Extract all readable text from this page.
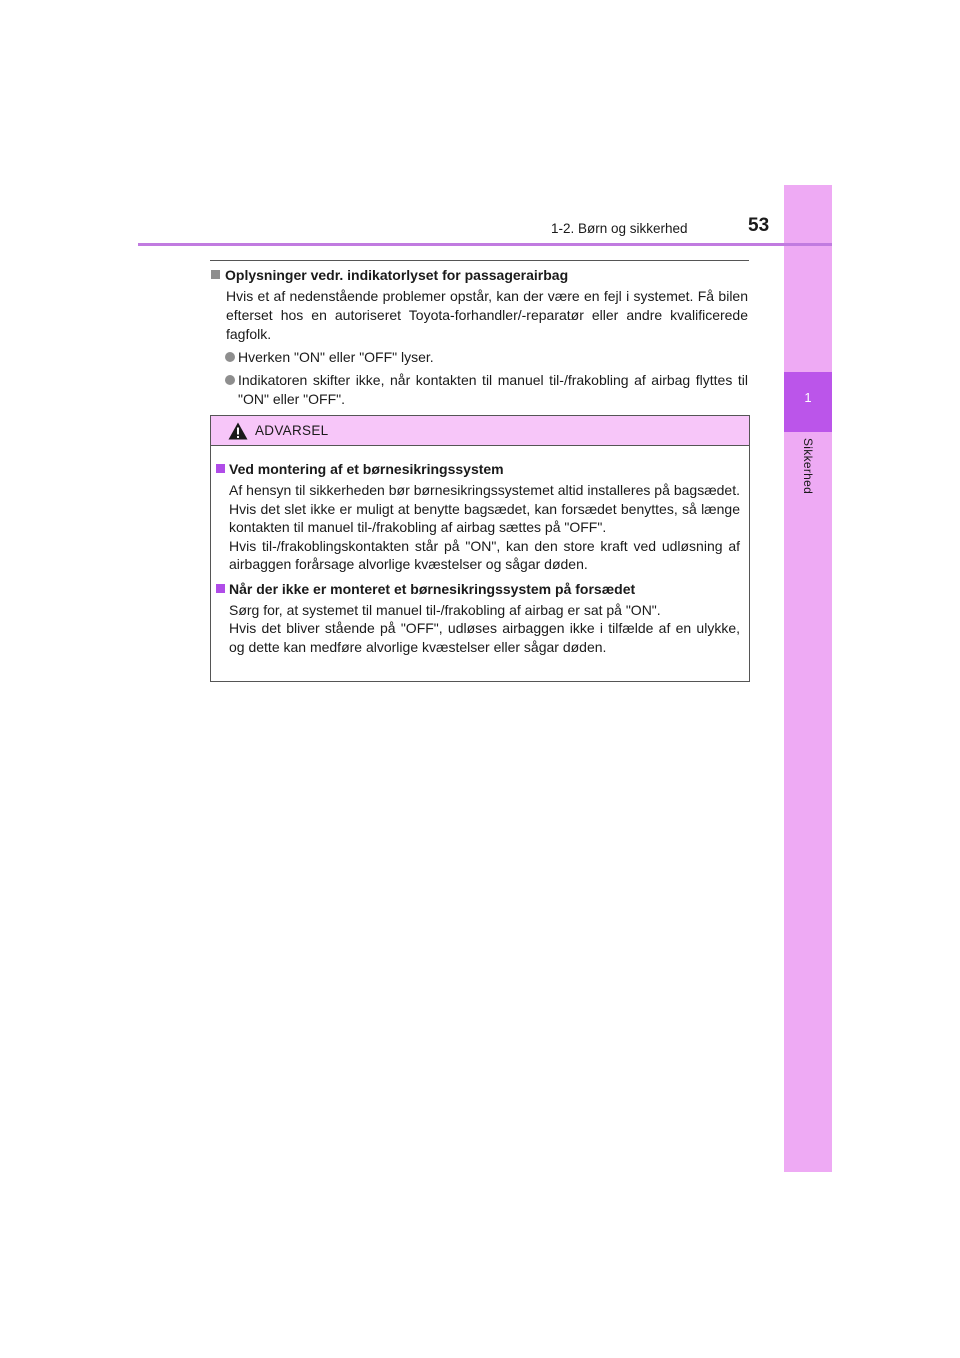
1
Sikkerhed
1-2. Børn og sikkerhed	53

Oplysninger vedr. indikatorlyset for passagerairbag

Hvis et af nedenstående problemer opstår, kan der være en fejl i systemet. Få bilen efterset hos en autoriseret Toyota-forhandler/-reparatør eller andre kvalificerede fagfolk.

Hverken "ON" eller "OFF" lyser.
Indikatoren skifter ikke, når kontakten til manuel til-/frakobling af airbag flyttes til "ON" eller "OFF".
ADVARSEL

Ved montering af et børnesikringssystem

Af hensyn til sikkerheden bør børnesikringssystemet altid installeres på bagsædet. Hvis det slet ikke er muligt at benytte bagsædet, kan forsædet benyttes, så længe kontakten til manuel til-/frakobling af airbag sættes på "OFF".

Hvis til-/frakoblingskontakten står på "ON", kan den store kraft ved udløsning af airbaggen forårsage alvorlige kvæstelser og sågar døden.

Når der ikke er monteret et børnesikringssystem på forsædet

Sørg for, at systemet til manuel til-/frakobling af airbag er sat på "ON".

Hvis det bliver stående på "OFF", udløses airbaggen ikke i tilfælde af en ulykke, og dette kan medføre alvorlige kvæstelser eller sågar døden.
